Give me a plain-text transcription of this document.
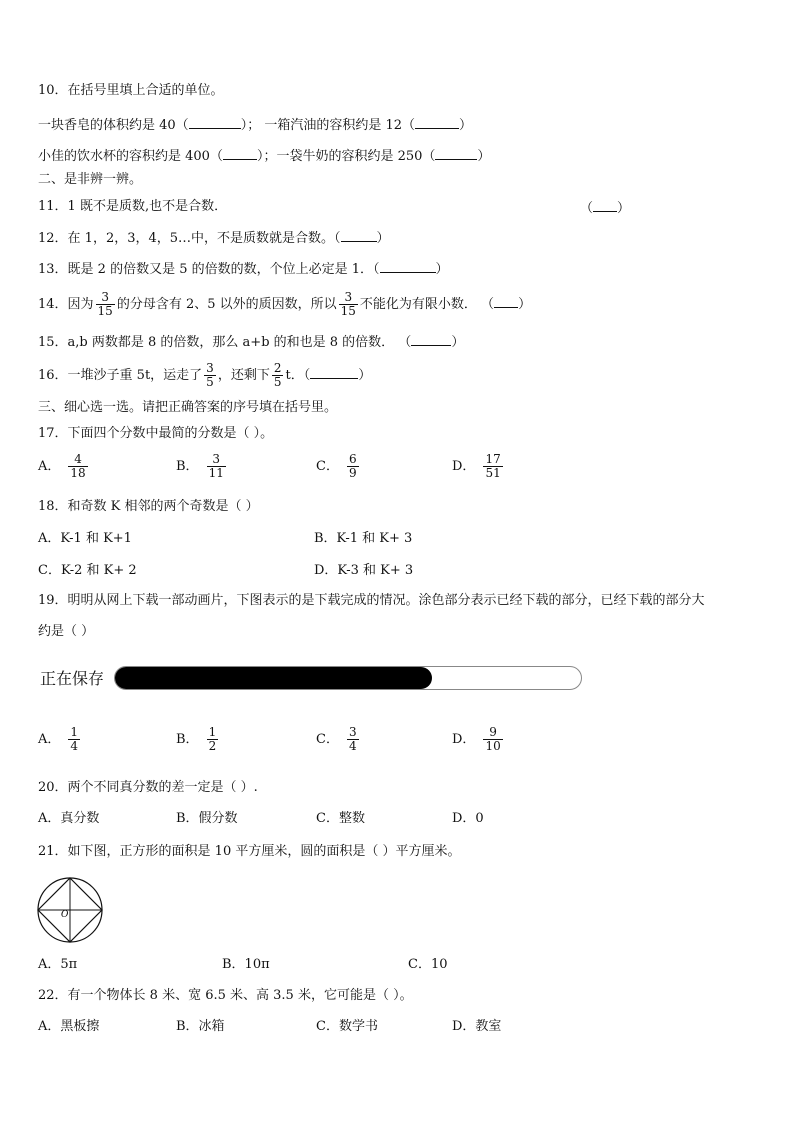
10．在括号里填上合适的单位。
一块香皂的体积约是 40（	）； 一箱汽油的容积约是 12（	）
小佳的饮水杯的容积约是 400（	）；一袋牛奶的容积约是 250（	）
二、是非辨一辨。
11．1 既不是质数,也不是合数．	（ ）
12．在 1，2，3，4，5…中，不是质数就是合数。（	）
13．既是 2 的倍数又是 5 的倍数的数，个位上必定是 1．（	）
14．因为 $\frac{3}{15}$ 的分母含有 2、5 以外的质因数，所以 $\frac{3}{15}$ 不能化为有限小数． （ ）
15．a,b 两数都是 8 的倍数，那么 a+b 的和也是 8 的倍数． （	）
16．一堆沙子重 5t，运走了 $\frac{3}{5}$ ，还剩下 $\frac{2}{5}$ t．（	）
三、细心选一选。请把正确答案的序号填在括号里。
17．下面四个分数中最简的分数是（ ）。
A． $\frac{4}{18}$	B． $\frac{3}{11}$	C． $\frac{6}{9}$	D． $\frac{17}{51}$
18．和奇数 K 相邻的两个奇数是（ ）
A．K-1 和 K+1	B．K-1 和 K+ 3
C．K-2 和 K+ 2	D．K-3 和 K+ 3
19．明明从网上下载一部动画片，下图表示的是下载完成的情况。涂色部分表示已经下载的部分，已经下载的部分大
约是（ ）
正在保存
A． $\frac{1}{4}$	B． $\frac{1}{2}$	C． $\frac{3}{4}$	D． $\frac{9}{10}$
20．两个不同真分数的差一定是（ ）.
A．真分数	B．假分数	C．整数	D．0
21．如下图，正方形的面积是 10 平方厘米，圆的面积是（ ）平方厘米。
O
A．5π	B．10π	C．10
22．有一个物体长 8 米、宽 6.5 米、高 3.5 米，它可能是（ ）。
A．黑板擦	B．冰箱	C．数学书	D．教室
